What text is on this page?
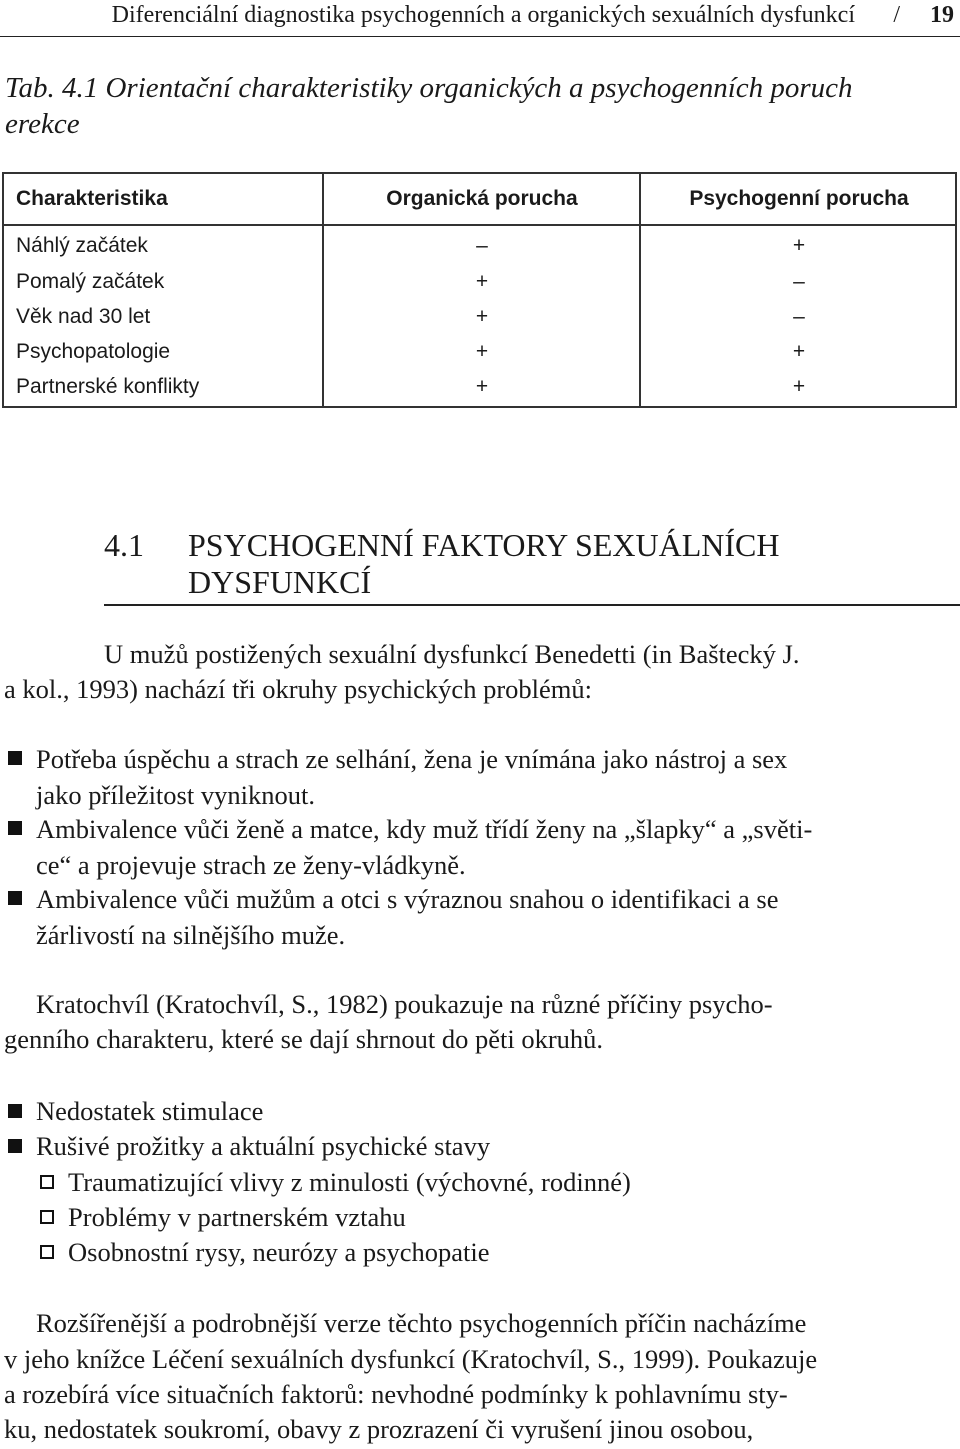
Diferenciální diagnostika psychogenních a organických sexuálních dysfunkcí / 19
Tab. 4.1 Orientační charakteristiky organických a psychogenních poruch
erekce
Charakteristika	Organická porucha	Psychogenní porucha
Náhlý začátek	–	+
Pomalý začátek	+	–
Věk nad 30 let	+	–
Psychopatologie	+	+
Partnerské konflikty	+	+
4.1 PSYCHOGENNÍ FAKTORY SEXUÁLNÍCH
DYSFUNKCÍ
U mužů postižených sexuální dysfunkcí Benedetti (in Baštecký J.
a kol., 1993) nachází tři okruhy psychických problémů:
Potřeba úspěchu a strach ze selhání, žena je vnímána jako nástroj a sex
jako příležitost vyniknout.
Ambivalence vůči ženě a matce, kdy muž třídí ženy na „šlapky“ a „světi-
ce“ a projevuje strach ze ženy-vládkyně.
Ambivalence vůči mužům a otci s výraznou snahou o identifikaci a se
žárlivostí na silnějšího muže.
Kratochvíl (Kratochvíl, S., 1982) poukazuje na různé příčiny psycho-
genního charakteru, které se dají shrnout do pěti okruhů.
Nedostatek stimulace
Rušivé prožitky a aktuální psychické stavy
Traumatizující vlivy z minulosti (výchovné, rodinné)
Problémy v partnerském vztahu
Osobnostní rysy, neurózy a psychopatie
Rozšířenější a podrobnější verze těchto psychogenních příčin nacházíme
v jeho knížce Léčení sexuálních dysfunkcí (Kratochvíl, S., 1999). Poukazuje
a rozebírá více situačních faktorů: nevhodné podmínky k pohlavnímu sty-
ku, nedostatek soukromí, obavy z prozrazení či vyrušení jinou osobou,
